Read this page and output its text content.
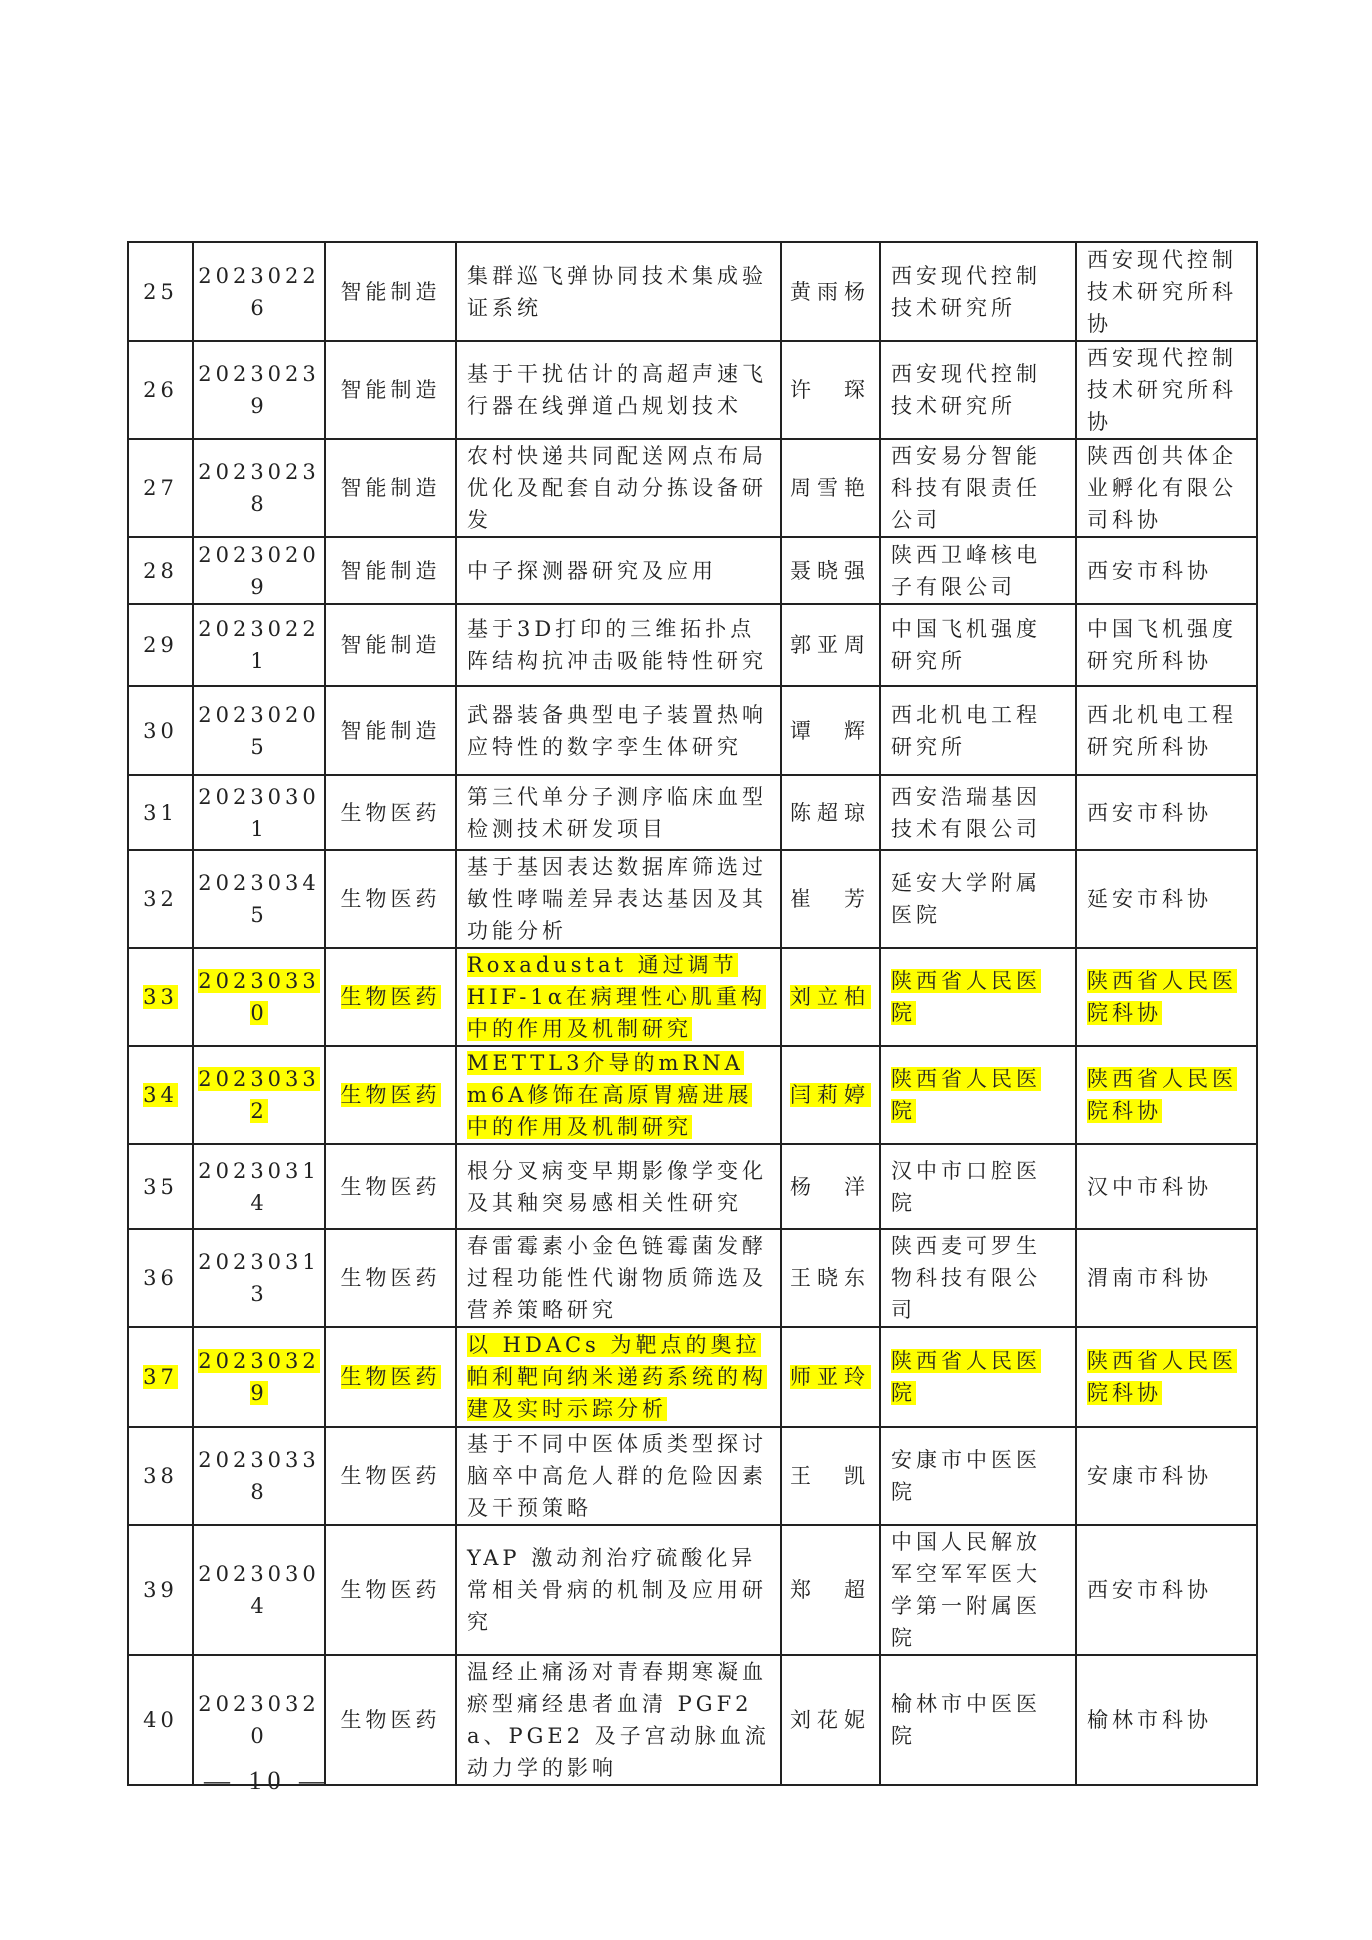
25	20230226	智能制造	集群巡飞弹协同技术集成验证系统	黄雨杨	西安现代控制技术研究所	西安现代控制技术研究所科协
26	20230239	智能制造	基于干扰估计的高超声速飞行器在线弹道凸规划技术	许　琛	西安现代控制技术研究所	西安现代控制技术研究所科协
27	20230238	智能制造	农村快递共同配送网点布局优化及配套自动分拣设备研发	周雪艳	西安易分智能科技有限责任公司	陕西创共体企业孵化有限公司科协
28	20230209	智能制造	中子探测器研究及应用	聂晓强	陕西卫峰核电子有限公司	西安市科协
29	20230221	智能制造	基于3D打印的三维拓扑点阵结构抗冲击吸能特性研究	郭亚周	中国飞机强度研究所	中国飞机强度研究所科协
30	20230205	智能制造	武器装备典型电子装置热响应特性的数字孪生体研究	谭　辉	西北机电工程研究所	西北机电工程研究所科协
31	20230301	生物医药	第三代单分子测序临床血型检测技术研发项目	陈超琼	西安浩瑞基因技术有限公司	西安市科协
32	20230345	生物医药	基于基因表达数据库筛选过敏性哮喘差异表达基因及其功能分析	崔　芳	延安大学附属医院	延安市科协
33	20230330	生物医药	Roxadustat 通过调节 HIF-1α在病理性心肌重构中的作用及机制研究	刘立柏	陕西省人民医院	陕西省人民医院科协
34	20230332	生物医药	METTL3介导的mRNA m6A修饰在高原胃癌进展中的作用及机制研究	闫莉婷	陕西省人民医院	陕西省人民医院科协
35	20230314	生物医药	根分叉病变早期影像学变化及其釉突易感相关性研究	杨　洋	汉中市口腔医院	汉中市科协
36	20230313	生物医药	春雷霉素小金色链霉菌发酵过程功能性代谢物质筛选及营养策略研究	王晓东	陕西麦可罗生物科技有限公司	渭南市科协
37	20230329	生物医药	以 HDACs 为靶点的奥拉帕利靶向纳米递药系统的构建及实时示踪分析	师亚玲	陕西省人民医院	陕西省人民医院科协
38	20230338	生物医药	基于不同中医体质类型探讨脑卒中高危人群的危险因素及干预策略	王　凯	安康市中医医院	安康市科协
39	20230304	生物医药	YAP 激动剂治疗硫酸化异常相关骨病的机制及应用研究	郑　超	中国人民解放军空军军医大学第一附属医院	西安市科协
40	20230320	生物医药	温经止痛汤对青春期寒凝血瘀型痛经患者血清 PGF2a、PGE2 及子宫动脉血流动力学的影响	刘花妮	榆林市中医医院	榆林市科协
— 10 —
